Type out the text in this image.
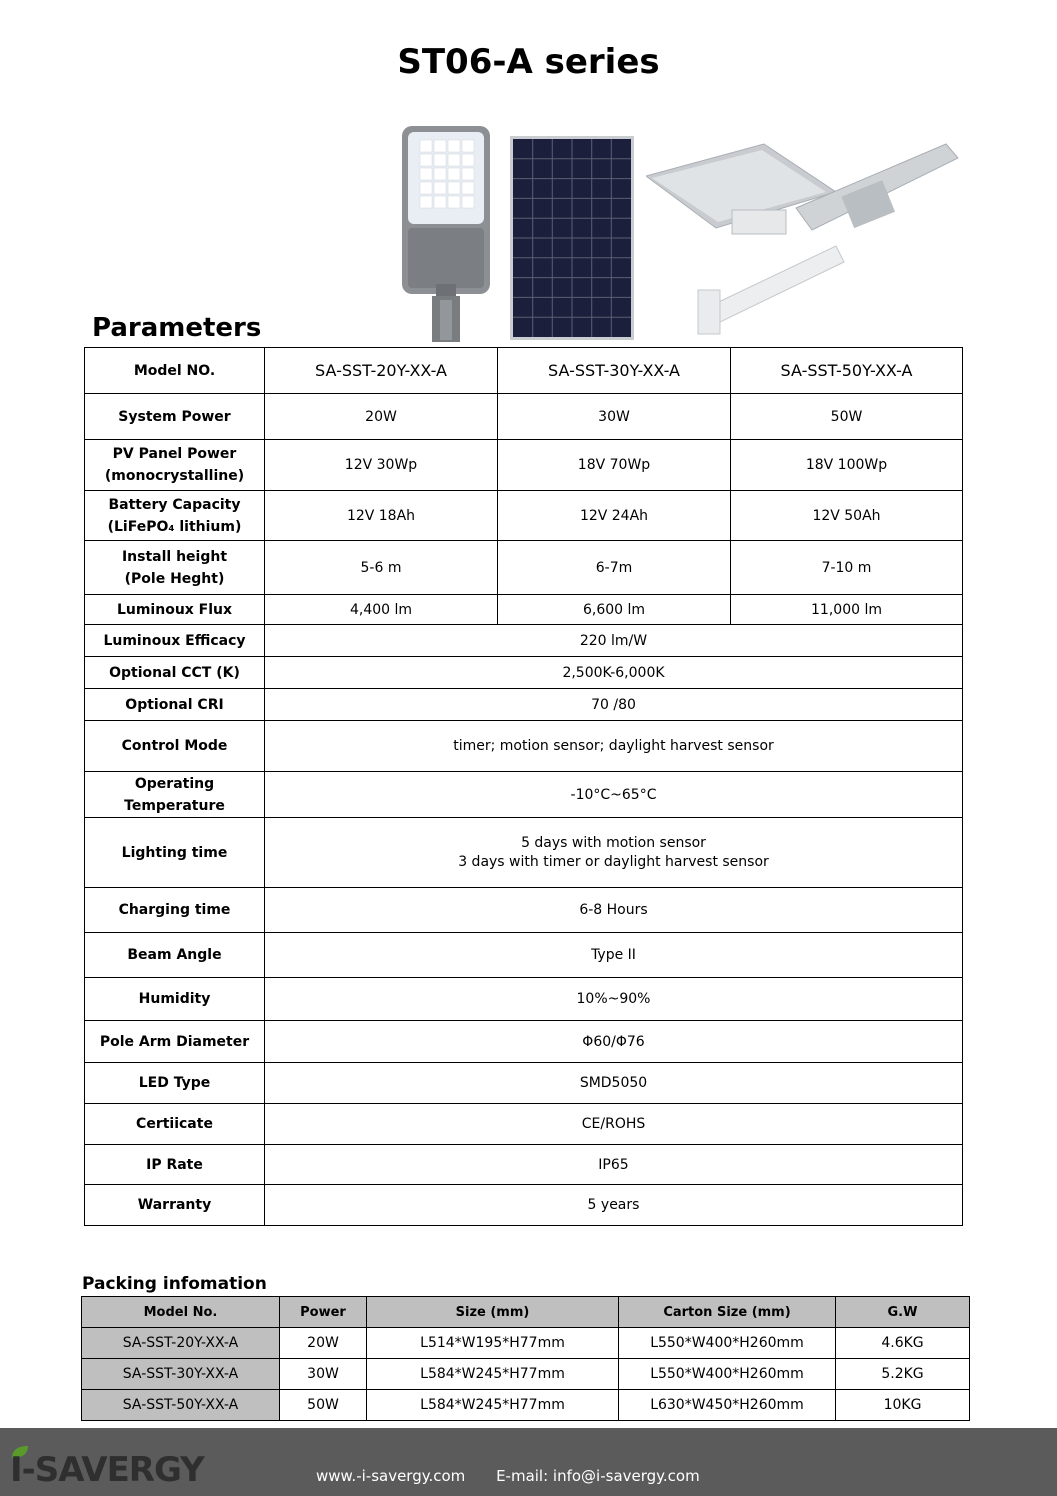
ST06-A series
Parameters
Model NO.	SA-SST-20Y-XX-A	SA-SST-30Y-XX-A	SA-SST-50Y-XX-A
System Power	20W	30W	50W

PV Panel Power
(monocrystalline)	12V 30Wp	18V 70Wp	18V 100Wp

Battery Capacity
(LiFePO₄ lithium)	12V 18Ah	12V 24Ah	12V 50Ah

Install height
(Pole Heght)	5-6 m	6-7m	7-10 m
Luminoux Flux	4,400 lm	6,600 lm	11,000 lm
Luminoux Efficacy	220 lm/W		
Optional CCT (K)	2,500K-6,000K		
Optional CRI	70 /80		
Control Mode	timer; motion sensor; daylight harvest sensor		
Operating Temperature	-10°C~65°C		
Lighting time	5 days with motion sensor
3 days with timer or daylight harvest sensor		

Charging time	6-8 Hours		
Beam Angle	Type II		
Humidity	10%~90%		
Pole Arm Diameter	Φ60/Φ76		
LED Type	SMD5050		
Certiicate	CE/ROHS		
IP Rate	IP65		
Warranty	5 years		
Packing infomation
Model No.	Power	Size (mm)	Carton Size (mm)	G.W
SA-SST-20Y-XX-A	20W	L514*W195*H77mm	L550*W400*H260mm	4.6KG
SA-SST-30Y-XX-A	30W	L584*W245*H77mm	L550*W400*H260mm	5.2KG
SA-SST-50Y-XX-A	50W	L584*W245*H77mm	L630*W450*H260mm	10KG
I-SAVERGY	www.-i-savergy.com E-mail: info@i-savergy.com
